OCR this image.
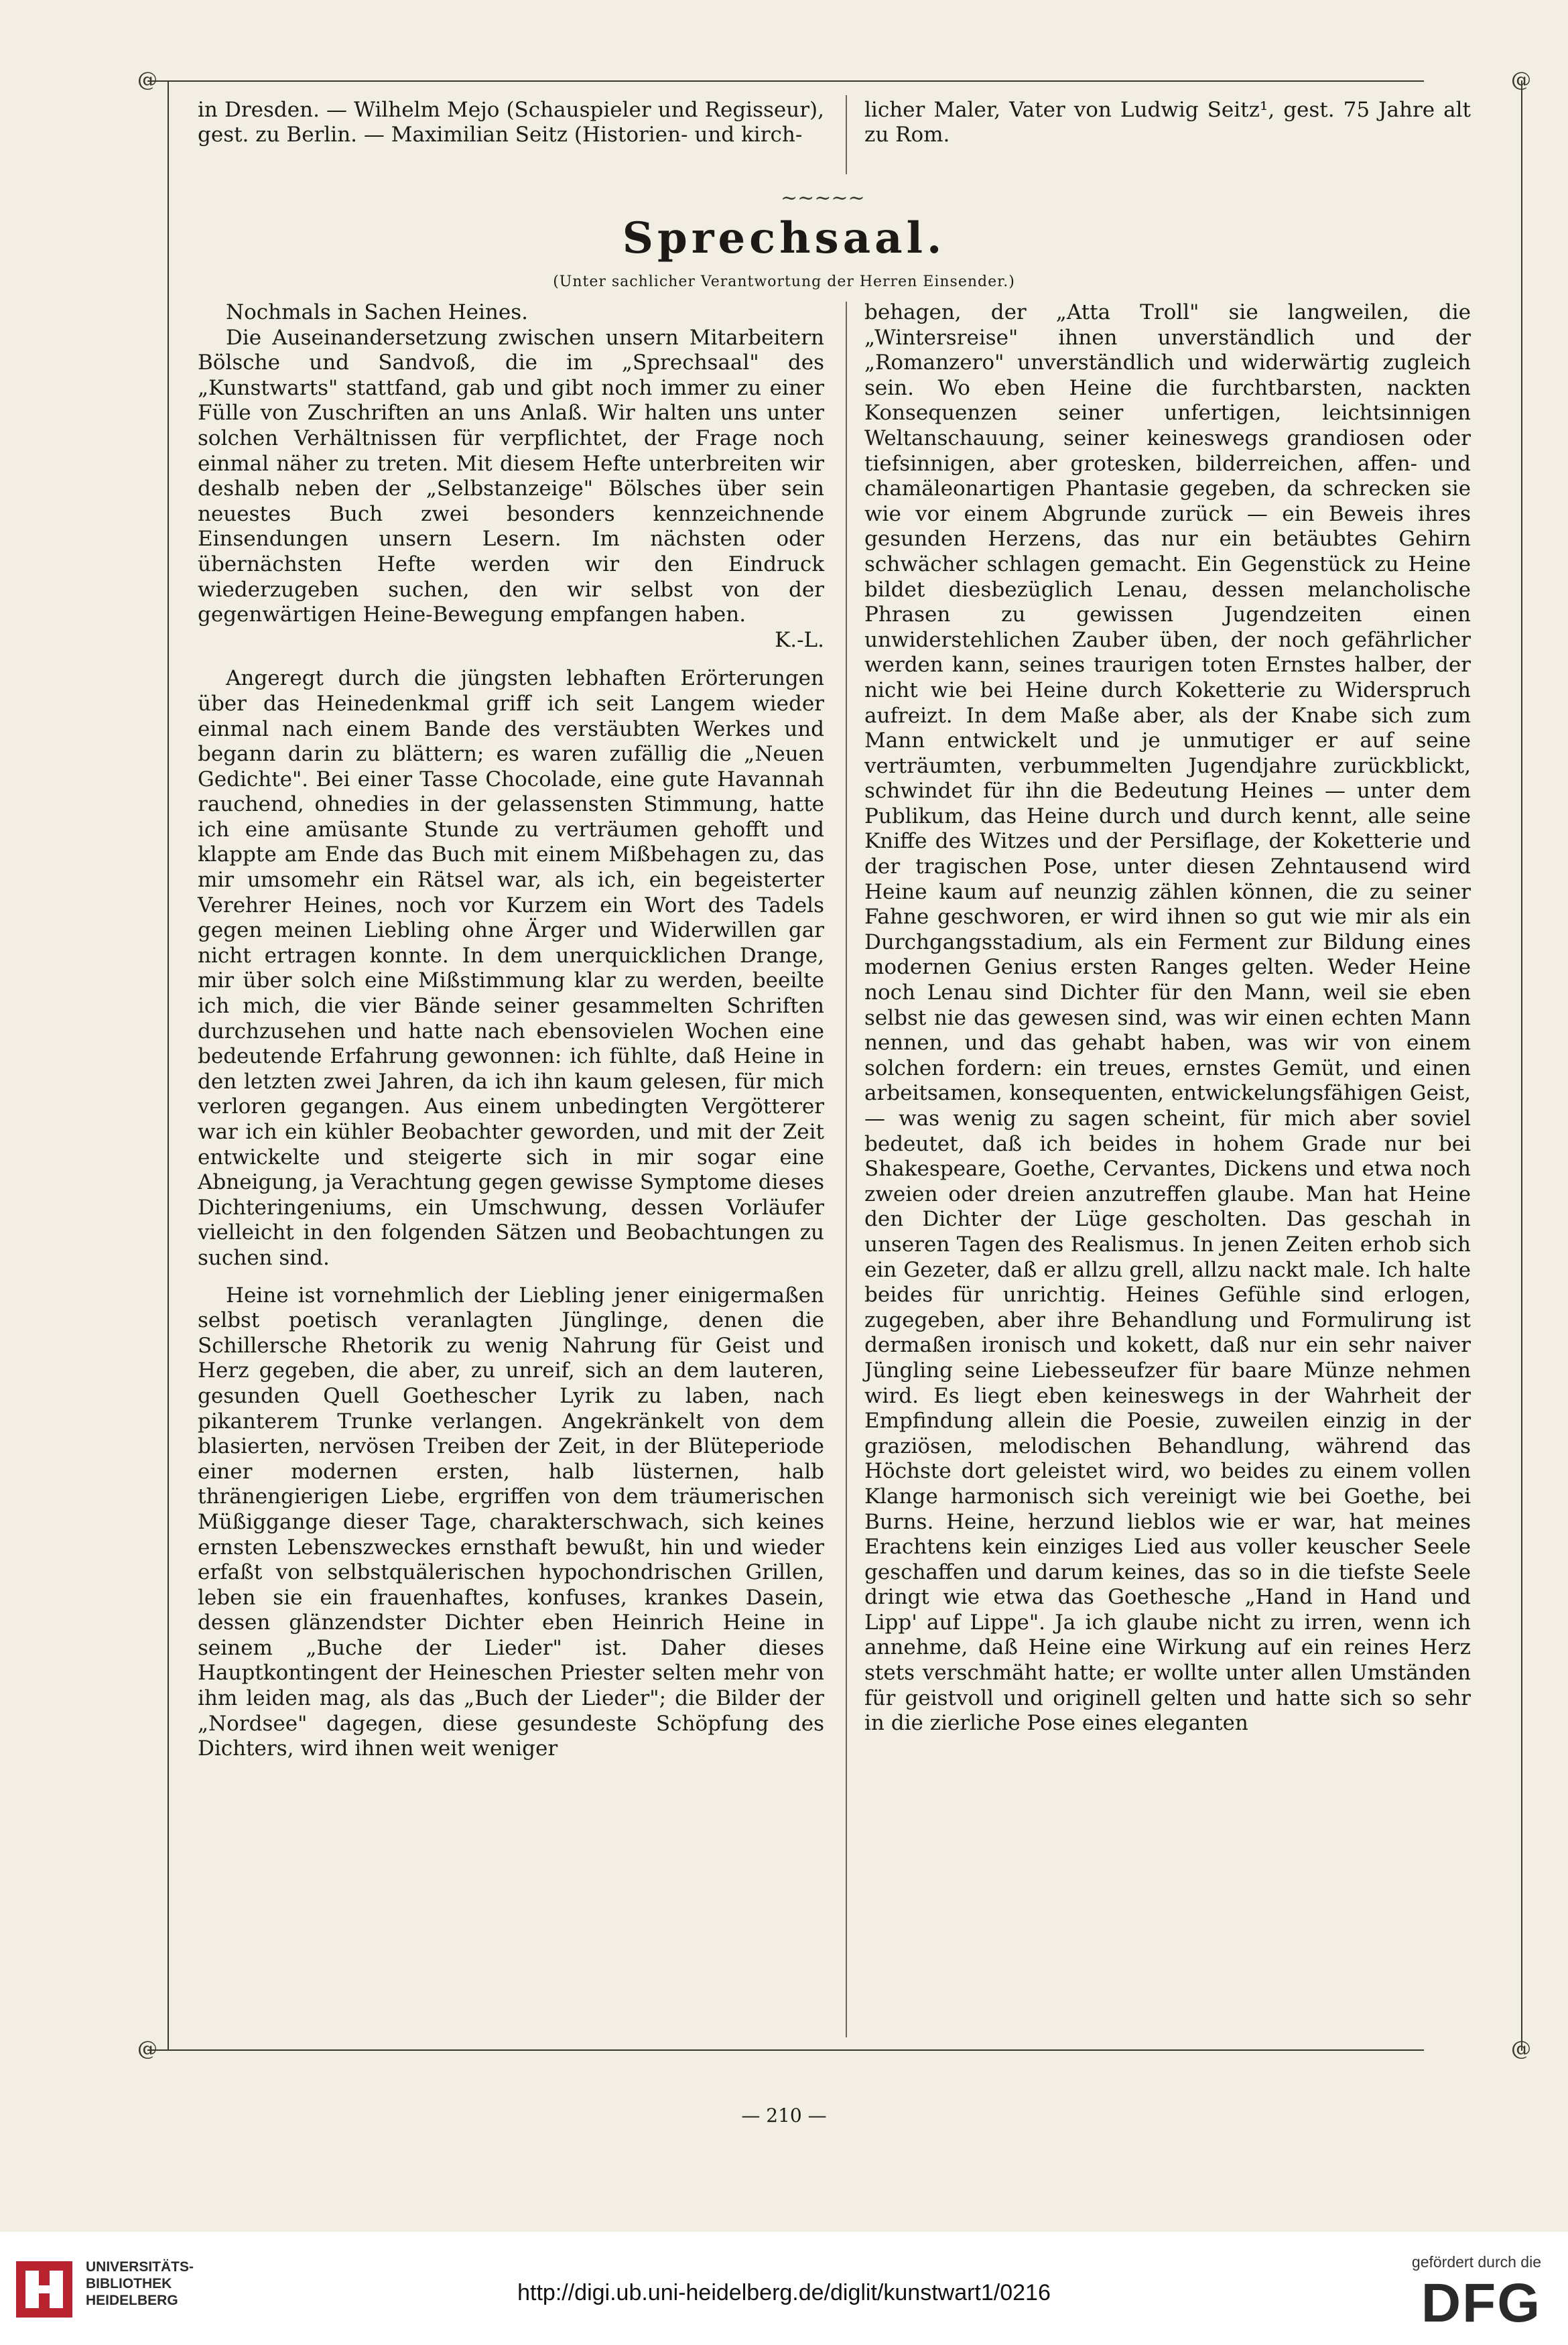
@	@
@	@
in Dresden. — Wilhelm Mejo (Schauspieler und Regisseur), gest. zu Berlin. — Maximilian Seitz (Historien- und kirch-
licher Maler, Vater von Ludwig Seitz¹, gest. 75 Jahre alt zu Rom.
~~~~~
Sprechsaal.
(Unter sachlicher Verantwortung der Herren Einsender.)

Nochmals in Sachen Heines.

Die Auseinandersetzung zwischen unsern Mitarbeitern Bölsche und Sandvoß, die im „Sprechsaal" des „Kunstwarts" stattfand, gab und gibt noch immer zu einer Fülle von Zuschriften an uns Anlaß. Wir halten uns unter solchen Verhältnissen für verpflichtet, der Frage noch einmal näher zu treten. Mit diesem Hefte unterbreiten wir deshalb neben der „Selbstanzeige" Bölsches über sein neuestes Buch zwei besonders kennzeichnende Einsendungen unsern Lesern. Im nächsten oder übernächsten Hefte werden wir den Eindruck wiederzugeben suchen, den wir selbst von der gegenwärtigen Heine-Bewegung empfangen haben.

K.-L.

Angeregt durch die jüngsten lebhaften Erörterungen über das Heinedenkmal griff ich seit Langem wieder einmal nach einem Bande des verstäubten Werkes und begann darin zu blättern; es waren zufällig die „Neuen Gedichte". Bei einer Tasse Chocolade, eine gute Havannah rauchend, ohnedies in der gelassensten Stimmung, hatte ich eine amüsante Stunde zu verträumen gehofft und klappte am Ende das Buch mit einem Mißbehagen zu, das mir umsomehr ein Rätsel war, als ich, ein begeisterter Verehrer Heines, noch vor Kurzem ein Wort des Tadels gegen meinen Liebling ohne Ärger und Widerwillen gar nicht ertragen konnte. In dem unerquicklichen Drange, mir über solch eine Mißstimmung klar zu werden, beeilte ich mich, die vier Bände seiner gesammelten Schriften durchzusehen und hatte nach ebensovielen Wochen eine bedeutende Erfahrung gewonnen: ich fühlte, daß Heine in den letzten zwei Jahren, da ich ihn kaum gelesen, für mich verloren gegangen. Aus einem unbedingten Vergötterer war ich ein kühler Beobachter geworden, und mit der Zeit entwickelte und steigerte sich in mir sogar eine Abneigung, ja Verachtung gegen gewisse Symptome dieses Dichteringeniums, ein Umschwung, dessen Vorläufer vielleicht in den folgenden Sätzen und Beobachtungen zu suchen sind.

Heine ist vornehmlich der Liebling jener einigermaßen selbst poetisch veranlagten Jünglinge, denen die Schillersche Rhetorik zu wenig Nahrung für Geist und Herz gegeben, die aber, zu unreif, sich an dem lauteren, gesunden Quell Goethescher Lyrik zu laben, nach pikanterem Trunke verlangen. Angekränkelt von dem blasierten, nervösen Treiben der Zeit, in der Blüteperiode einer modernen ersten, halb lüsternen, halb thränengierigen Liebe, ergriffen von dem träumerischen Müßiggange dieser Tage, charakterschwach, sich keines ernsten Lebenszweckes ernsthaft bewußt, hin und wieder erfaßt von selbstquälerischen hypochondrischen Grillen, leben sie ein frauenhaftes, konfuses, krankes Dasein, dessen glänzendster Dichter eben Heinrich Heine in seinem „Buche der Lieder" ist. Daher dieses Hauptkontingent der Heineschen Priester selten mehr von ihm leiden mag, als das „Buch der Lieder"; die Bilder der „Nordsee" dagegen, diese gesundeste Schöpfung des Dichters, wird ihnen weit weniger

behagen, der „Atta Troll" sie langweilen, die „Wintersreise" ihnen unverständlich und der „Romanzero" unverständlich und widerwärtig zugleich sein. Wo eben Heine die furchtbarsten, nackten Konsequenzen seiner unfertigen, leichtsinnigen Weltanschauung, seiner keineswegs grandiosen oder tiefsinnigen, aber grotesken, bilderreichen, affen- und chamäleonartigen Phantasie gegeben, da schrecken sie wie vor einem Abgrunde zurück — ein Beweis ihres gesunden Herzens, das nur ein betäubtes Gehirn schwächer schlagen gemacht. Ein Gegenstück zu Heine bildet diesbezüglich Lenau, dessen melancholische Phrasen zu gewissen Jugendzeiten einen unwiderstehlichen Zauber üben, der noch gefährlicher werden kann, seines traurigen toten Ernstes halber, der nicht wie bei Heine durch Koketterie zu Widerspruch aufreizt. In dem Maße aber, als der Knabe sich zum Mann entwickelt und je unmutiger er auf seine verträumten, verbummelten Jugendjahre zurückblickt, schwindet für ihn die Bedeutung Heines — unter dem Publikum, das Heine durch und durch kennt, alle seine Kniffe des Witzes und der Persiflage, der Koketterie und der tragischen Pose, unter diesen Zehntausend wird Heine kaum auf neunzig zählen können, die zu seiner Fahne geschworen, er wird ihnen so gut wie mir als ein Durchgangsstadium, als ein Ferment zur Bildung eines modernen Genius ersten Ranges gelten. Weder Heine noch Lenau sind Dichter für den Mann, weil sie eben selbst nie das gewesen sind, was wir einen echten Mann nennen, und das gehabt haben, was wir von einem solchen fordern: ein treues, ernstes Gemüt, und einen arbeitsamen, konsequenten, entwickelungsfähigen Geist, — was wenig zu sagen scheint, für mich aber soviel bedeutet, daß ich beides in hohem Grade nur bei Shakespeare, Goethe, Cervantes, Dickens und etwa noch zweien oder dreien anzutreffen glaube. Man hat Heine den Dichter der Lüge gescholten. Das geschah in unseren Tagen des Realismus. In jenen Zeiten erhob sich ein Gezeter, daß er allzu grell, allzu nackt male. Ich halte beides für unrichtig. Heines Gefühle sind erlogen, zugegeben, aber ihre Behandlung und Formulirung ist dermaßen ironisch und kokett, daß nur ein sehr naiver Jüngling seine Liebesseufzer für baare Münze nehmen wird. Es liegt eben keineswegs in der Wahrheit der Empfindung allein die Poesie, zuweilen einzig in der graziösen, melodischen Behandlung, während das Höchste dort geleistet wird, wo beides zu einem vollen Klange harmonisch sich vereinigt wie bei Goethe, bei Burns. Heine, herzund lieblos wie er war, hat meines Erachtens kein einziges Lied aus voller keuscher Seele geschaffen und darum keines, das so in die tiefste Seele dringt wie etwa das Goethesche „Hand in Hand und Lipp' auf Lippe". Ja ich glaube nicht zu irren, wenn ich annehme, daß Heine eine Wirkung auf ein reines Herz stets verschmäht hatte; er wollte unter allen Umständen für geistvoll und originell gelten und hatte sich so sehr in die zierliche Pose eines eleganten

— 210 —
UNIVERSITÄTS-
BIBLIOTHEK
HEIDELBERG	http://digi.ub.uni-heidelberg.de/diglit/kunstwart1/0216
gefördert durch die
DFG
